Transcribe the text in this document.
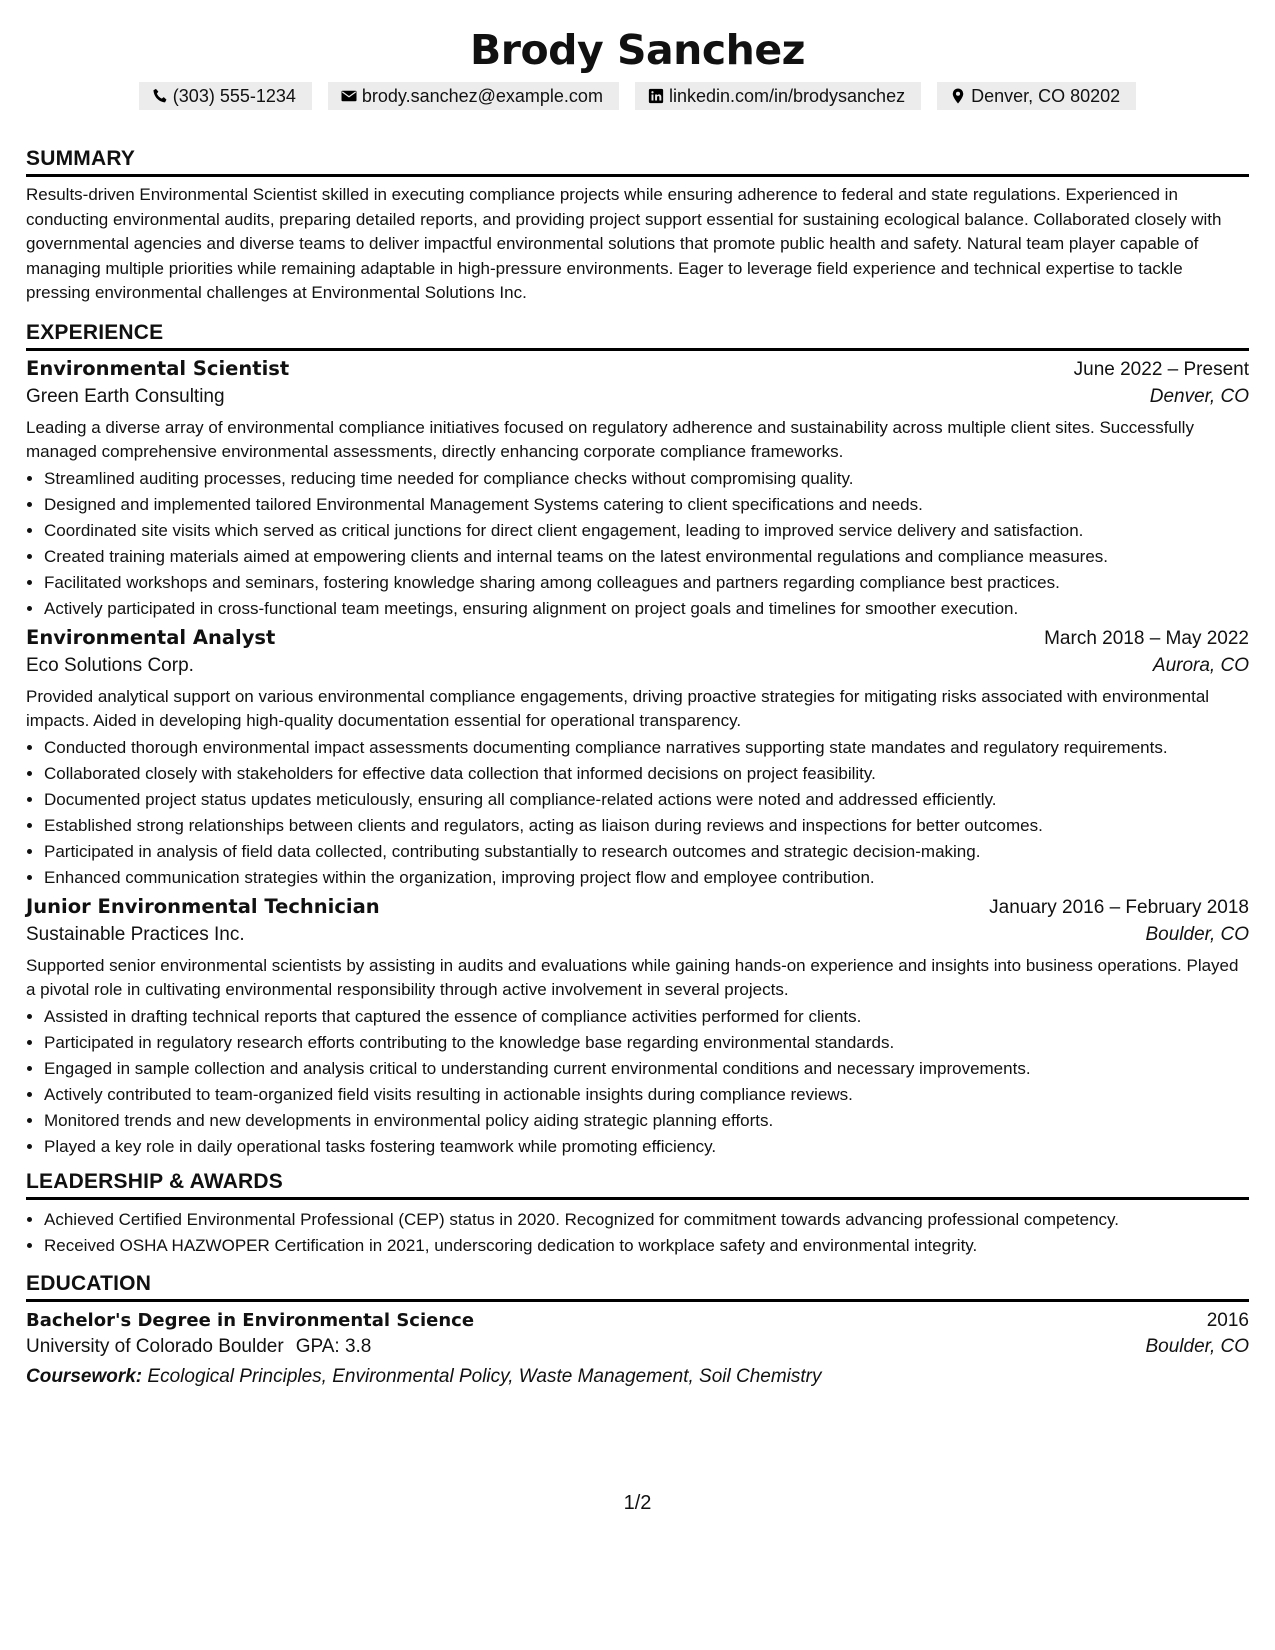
Brody Sanchez
(303) 555-1234	brody.sanchez@example.com	linkedin.com/in/brodysanchez	Denver, CO 80202
SUMMARY

Results-driven Environmental Scientist skilled in executing compliance projects while ensuring adherence to federal and state regulations. Experienced in conducting environmental audits, preparing detailed reports, and providing project support essential for sustaining ecological balance. Collaborated closely with governmental agencies and diverse teams to deliver impactful environmental solutions that promote public health and safety. Natural team player capable of managing multiple priorities while remaining adaptable in high-pressure environments. Eager to leverage field experience and technical expertise to tackle pressing environmental challenges at Environmental Solutions Inc.

EXPERIENCE
Environmental Scientist	June 2022 – Present
Green Earth Consulting	Denver, CO

Leading a diverse array of environmental compliance initiatives focused on regulatory adherence and sustainability across multiple client sites. Successfully managed comprehensive environmental assessments, directly enhancing corporate compliance frameworks.

• Streamlined auditing processes, reducing time needed for compliance checks without compromising quality.
• Designed and implemented tailored Environmental Management Systems catering to client specifications and needs.
• Coordinated site visits which served as critical junctions for direct client engagement, leading to improved service delivery and satisfaction.
• Created training materials aimed at empowering clients and internal teams on the latest environmental regulations and compliance measures.
• Facilitated workshops and seminars, fostering knowledge sharing among colleagues and partners regarding compliance best practices.
• Actively participated in cross-functional team meetings, ensuring alignment on project goals and timelines for smoother execution.
Environmental Analyst	March 2018 – May 2022
Eco Solutions Corp.	Aurora, CO

Provided analytical support on various environmental compliance engagements, driving proactive strategies for mitigating risks associated with environmental impacts. Aided in developing high-quality documentation essential for operational transparency.

• Conducted thorough environmental impact assessments documenting compliance narratives supporting state mandates and regulatory requirements.
• Collaborated closely with stakeholders for effective data collection that informed decisions on project feasibility.
• Documented project status updates meticulously, ensuring all compliance-related actions were noted and addressed efficiently.
• Established strong relationships between clients and regulators, acting as liaison during reviews and inspections for better outcomes.
• Participated in analysis of field data collected, contributing substantially to research outcomes and strategic decision-making.
• Enhanced communication strategies within the organization, improving project flow and employee contribution.
Junior Environmental Technician	January 2016 – February 2018
Sustainable Practices Inc.	Boulder, CO

Supported senior environmental scientists by assisting in audits and evaluations while gaining hands-on experience and insights into business operations. Played a pivotal role in cultivating environmental responsibility through active involvement in several projects.

• Assisted in drafting technical reports that captured the essence of compliance activities performed for clients.
• Participated in regulatory research efforts contributing to the knowledge base regarding environmental standards.
• Engaged in sample collection and analysis critical to understanding current environmental conditions and necessary improvements.
• Actively contributed to team-organized field visits resulting in actionable insights during compliance reviews.
• Monitored trends and new developments in environmental policy aiding strategic planning efforts.
• Played a key role in daily operational tasks fostering teamwork while promoting efficiency.
LEADERSHIP & AWARDS
• Achieved Certified Environmental Professional (CEP) status in 2020. Recognized for commitment towards advancing professional competency.
• Received OSHA HAZWOPER Certification in 2021, underscoring dedication to workplace safety and environmental integrity.
EDUCATION
Bachelor's Degree in Environmental Science	2016
University of Colorado Boulder GPA: 3.8	Boulder, CO
Coursework: Ecological Principles, Environmental Policy, Waste Management, Soil Chemistry
1/2
